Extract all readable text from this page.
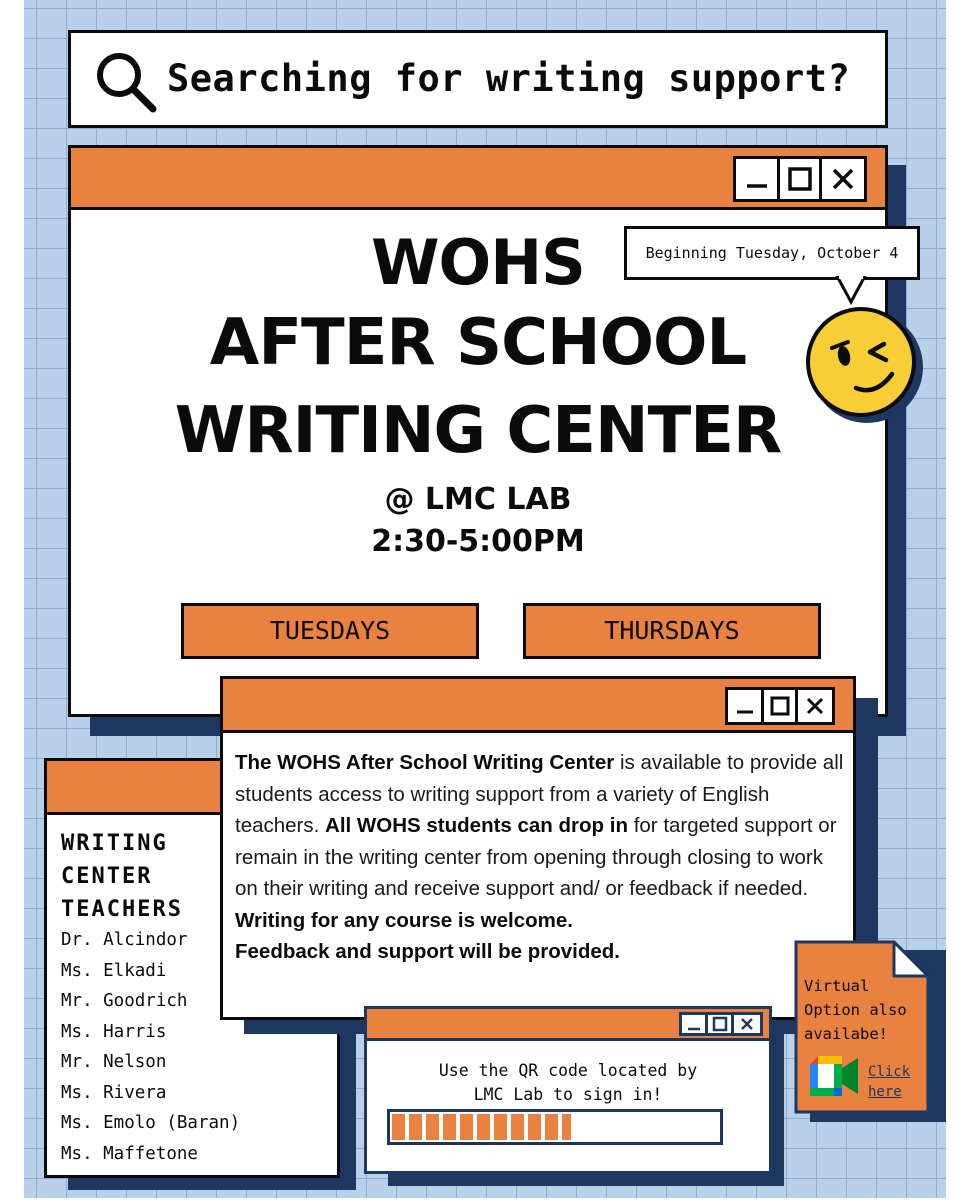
Searching for writing support?
WOHS
AFTER SCHOOL
WRITING CENTER
@ LMC LAB
2:30-5:00PM
TUESDAYS	THURSDAYS
Beginning Tuesday, October 4
WRITING CENTER TEACHERS
Dr. Alcindor
Ms. Elkadi
Mr. Goodrich
Ms. Harris
Mr. Nelson
Ms. Rivera
Ms. Emolo (Baran)
Ms. Maffetone
The WOHS After School Writing Center is available to provide all students access to writing support from a variety of English teachers. All WOHS students can drop in for targeted support or remain in the writing center from opening through closing to work on their writing and receive support and/ or feedback if needed.
Writing for any course is welcome.
Feedback and support will be provided.
Use the QR code located by
LMC Lab to sign in!
Virtual
Option also
availabe!
Click
here
